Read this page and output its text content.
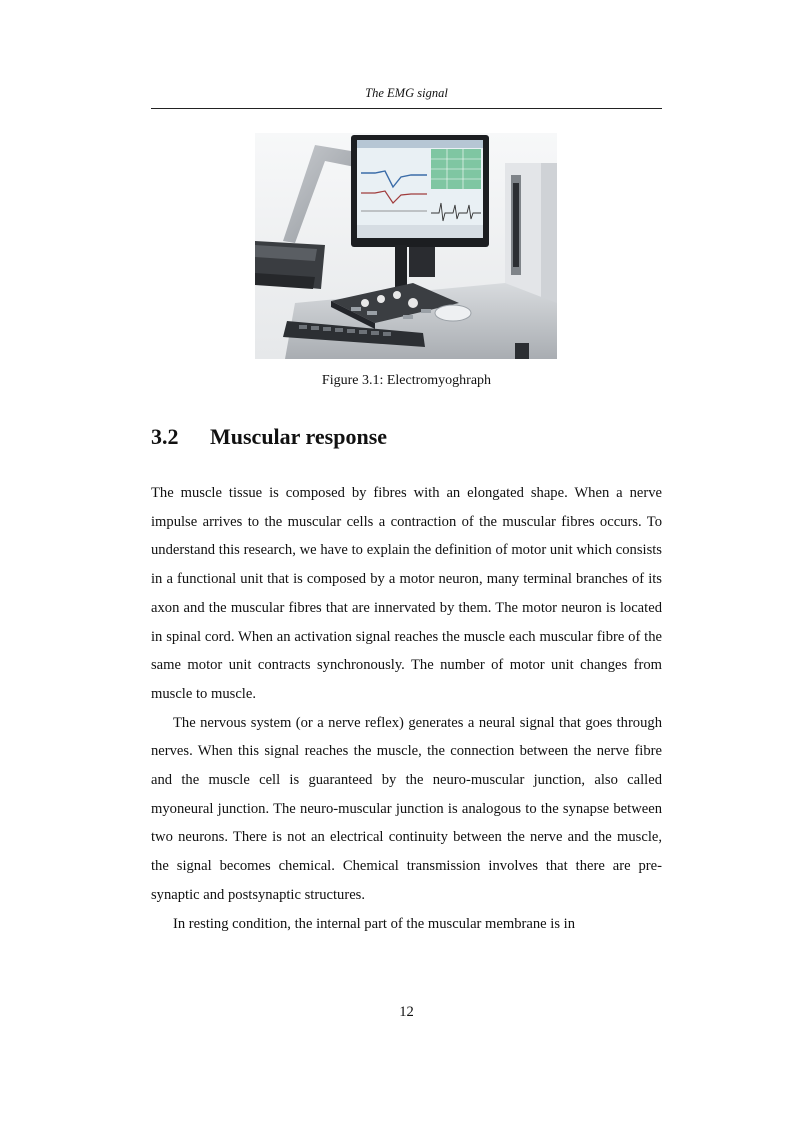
The EMG signal
Figure 3.1: Electromyoghraph
3.2 Muscular response

The muscle tissue is composed by fibres with an elongated shape. When a nerve impulse arrives to the muscular cells a contraction of the muscular fibres occurs. To understand this research, we have to explain the definition of motor unit which consists in a functional unit that is composed by a motor neuron, many terminal branches of its axon and the muscular fibres that are innervated by them. The motor neuron is located in spinal cord. When an activation signal reaches the muscle each muscular fibre of the same motor unit contracts synchronously. The number of motor unit changes from muscle to muscle.

The nervous system (or a nerve reflex) generates a neural signal that goes through nerves. When this signal reaches the muscle, the connection between the nerve fibre and the muscle cell is guaranteed by the neuro-muscular junction, also called myoneural junction. The neuro-muscular junction is analogous to the synapse between two neurons. There is not an electrical continuity between the nerve and the muscle, the signal becomes chemical. Chemical transmission involves that there are pre-synaptic and postsynaptic structures.

In resting condition, the internal part of the muscular membrane is in

12
